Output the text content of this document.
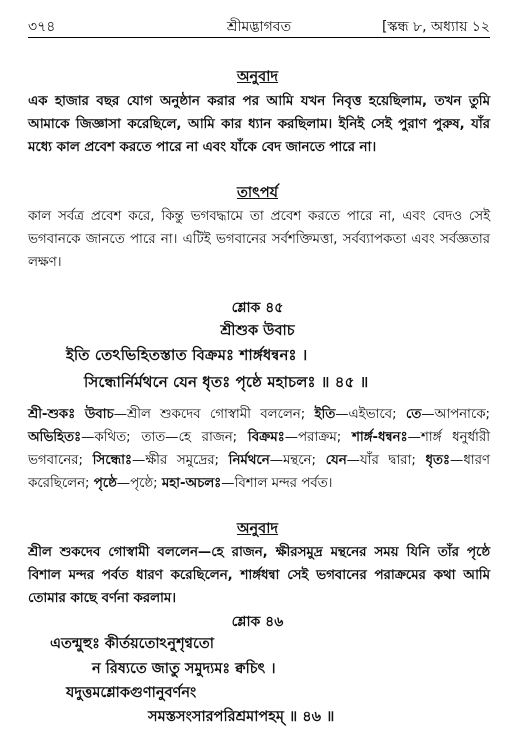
৩৭৪	শ্রীমদ্ভাগবত	[স্কন্ধ ৮, অধ্যায় ১২
অনুবাদ
এক হাজার বছর যোগ অনুষ্ঠান করার পর আমি যখন নিবৃত্ত হয়েছিলাম, তখন তুমি আমাকে জিজ্ঞাসা করেছিলে, আমি কার ধ্যান করছিলাম। ইনিই সেই পুরাণ পুরুষ, যাঁর মধ্যে কাল প্রবেশ করতে পারে না এবং যাঁকে বেদ জানতে পারে না।
তাৎপর্য
কাল সর্বত্র প্রবেশ করে, কিন্তু ভগবদ্ধামে তা প্রবেশ করতে পারে না, এবং বেদও সেই ভগবানকে জানতে পারে না। এটিই ভগবানের সর্বশক্তিমত্তা, সর্বব্যাপকতা এবং সর্বজ্ঞতার লক্ষণ।
শ্লোক ৪৫
শ্রীশুক উবাচ
ইতি তেঽভিহিতস্তাত বিক্রমঃ শার্ঙ্গধন্বনঃ ।
সিন্ধোর্নির্মথনে যেন ধৃতঃ পৃষ্ঠে মহাচলঃ ॥ ৪৫ ॥
শ্রী-শুকঃ উবাচ—শ্রীল শুকদেব গোস্বামী বললেন; ইতি—এইভাবে; তে—আপনাকে; অভিহিতঃ—কথিত; তাত—হে রাজন; বিক্রমঃ—পরাক্রম; শার্ঙ্গ-ধন্বনঃ—শার্ঙ্গ ধনুর্ধারী ভগবানের; সিন্ধোঃ—ক্ষীর সমুদ্রের; নির্মথনে—মন্থনে; যেন—যাঁর দ্বারা; ধৃতঃ—ধারণ করেছিলেন; পৃষ্ঠে—পৃষ্ঠে; মহা-অচলঃ—বিশাল মন্দর পর্বত।
অনুবাদ
শ্রীল শুকদেব গোস্বামী বললেন—হে রাজন, ক্ষীরসমুদ্র মন্থনের সময় যিনি তাঁর পৃষ্ঠে বিশাল মন্দর পর্বত ধারণ করেছিলেন, শার্ঙ্গধন্বা সেই ভগবানের পরাক্রমের কথা আমি তোমার কাছে বর্ণনা করলাম।
শ্লোক ৪৬
এতন্মুহুঃ কীর্তয়তোঽনুশৃণ্বতো
ন রিষ্যতে জাতু সমুদ্যমঃ ক্বচিৎ ।
যদুত্তমশ্লোকগুণানুবর্ণনং
সমস্তসংসারপরিশ্রমাপহম্ ॥ ৪৬ ॥
